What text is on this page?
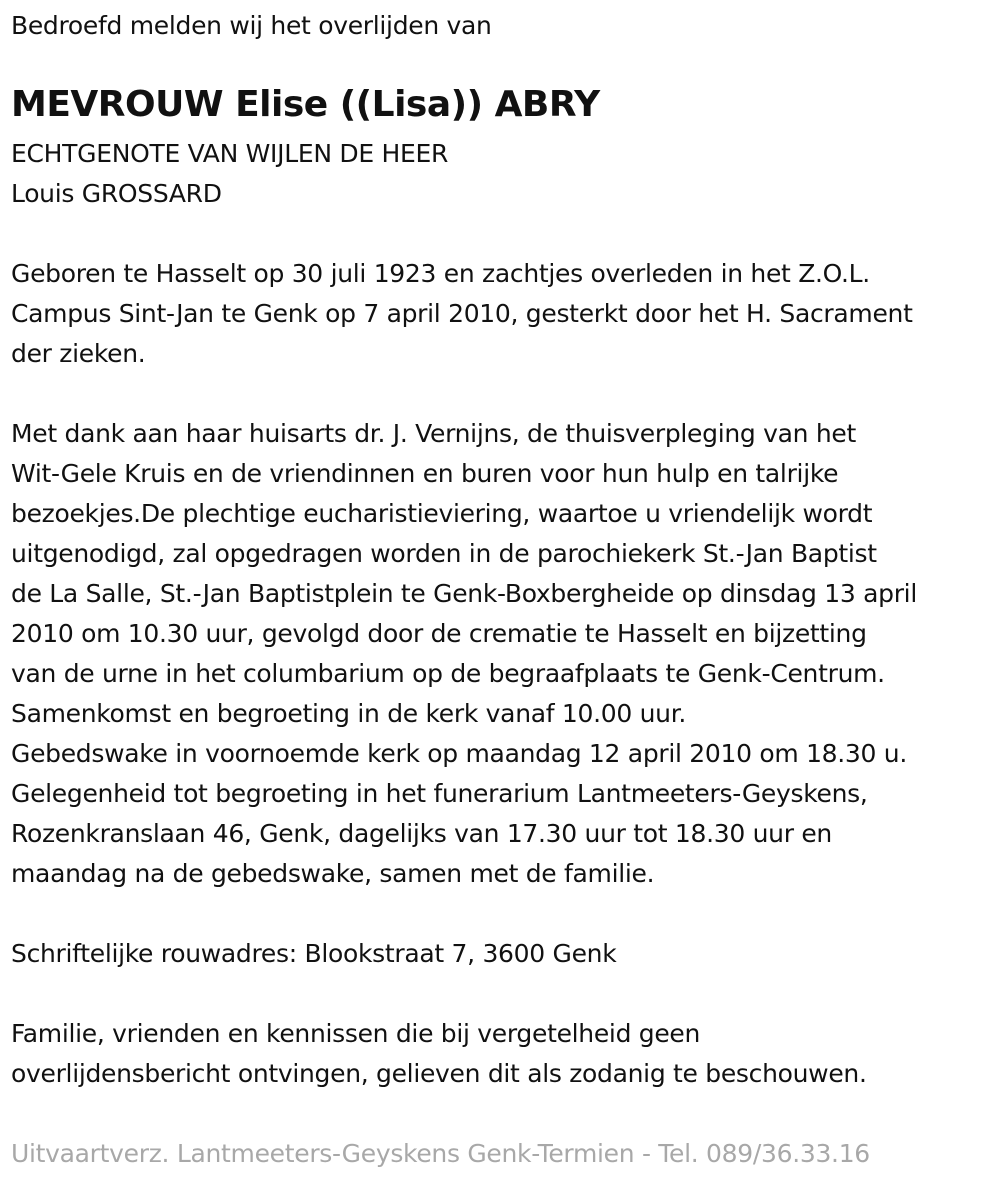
Bedroefd melden wij het overlijden van

MEVROUW Elise ((Lisa)) ABRY

ECHTGENOTE VAN WIJLEN DE HEER

Louis GROSSARD

Geboren te Hasselt op 30 juli 1923 en zachtjes overleden in het Z.O.L.

Campus Sint-Jan te Genk op 7 april 2010, gesterkt door het H. Sacrament

der zieken.

Met dank aan haar huisarts dr. J. Vernijns, de thuisverpleging van het

Wit-Gele Kruis en de vriendinnen en buren voor hun hulp en talrijke

bezoekjes.De plechtige eucharistieviering, waartoe u vriendelijk wordt

uitgenodigd, zal opgedragen worden in de parochiekerk St.-Jan Baptist

de La Salle, St.-Jan Baptistplein te Genk-Boxbergheide op dinsdag 13 april

2010 om 10.30 uur, gevolgd door de crematie te Hasselt en bijzetting

van de urne in het columbarium op de begraafplaats te Genk-Centrum.

Samenkomst en begroeting in de kerk vanaf 10.00 uur.

Gebedswake in voornoemde kerk op maandag 12 april 2010 om 18.30 u.

Gelegenheid tot begroeting in het funerarium Lantmeeters-Geyskens,

Rozenkranslaan 46, Genk, dagelijks van 17.30 uur tot 18.30 uur en

maandag na de gebedswake, samen met de familie.

Schriftelijke rouwadres: Blookstraat 7, 3600 Genk

Familie, vrienden en kennissen die bij vergetelheid geen

overlijdensbericht ontvingen, gelieven dit als zodanig te beschouwen.

Uitvaartverz. Lantmeeters-Geyskens Genk-Termien - Tel. 089/36.33.16
